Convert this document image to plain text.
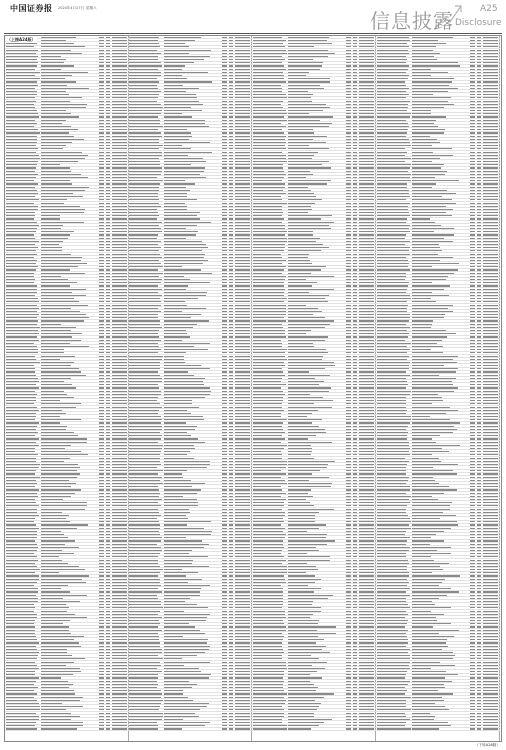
中国证券报 2024年4月27日 星期六
信息披露	A25
Disclosure
（上接A24版）
（下转A26版）
